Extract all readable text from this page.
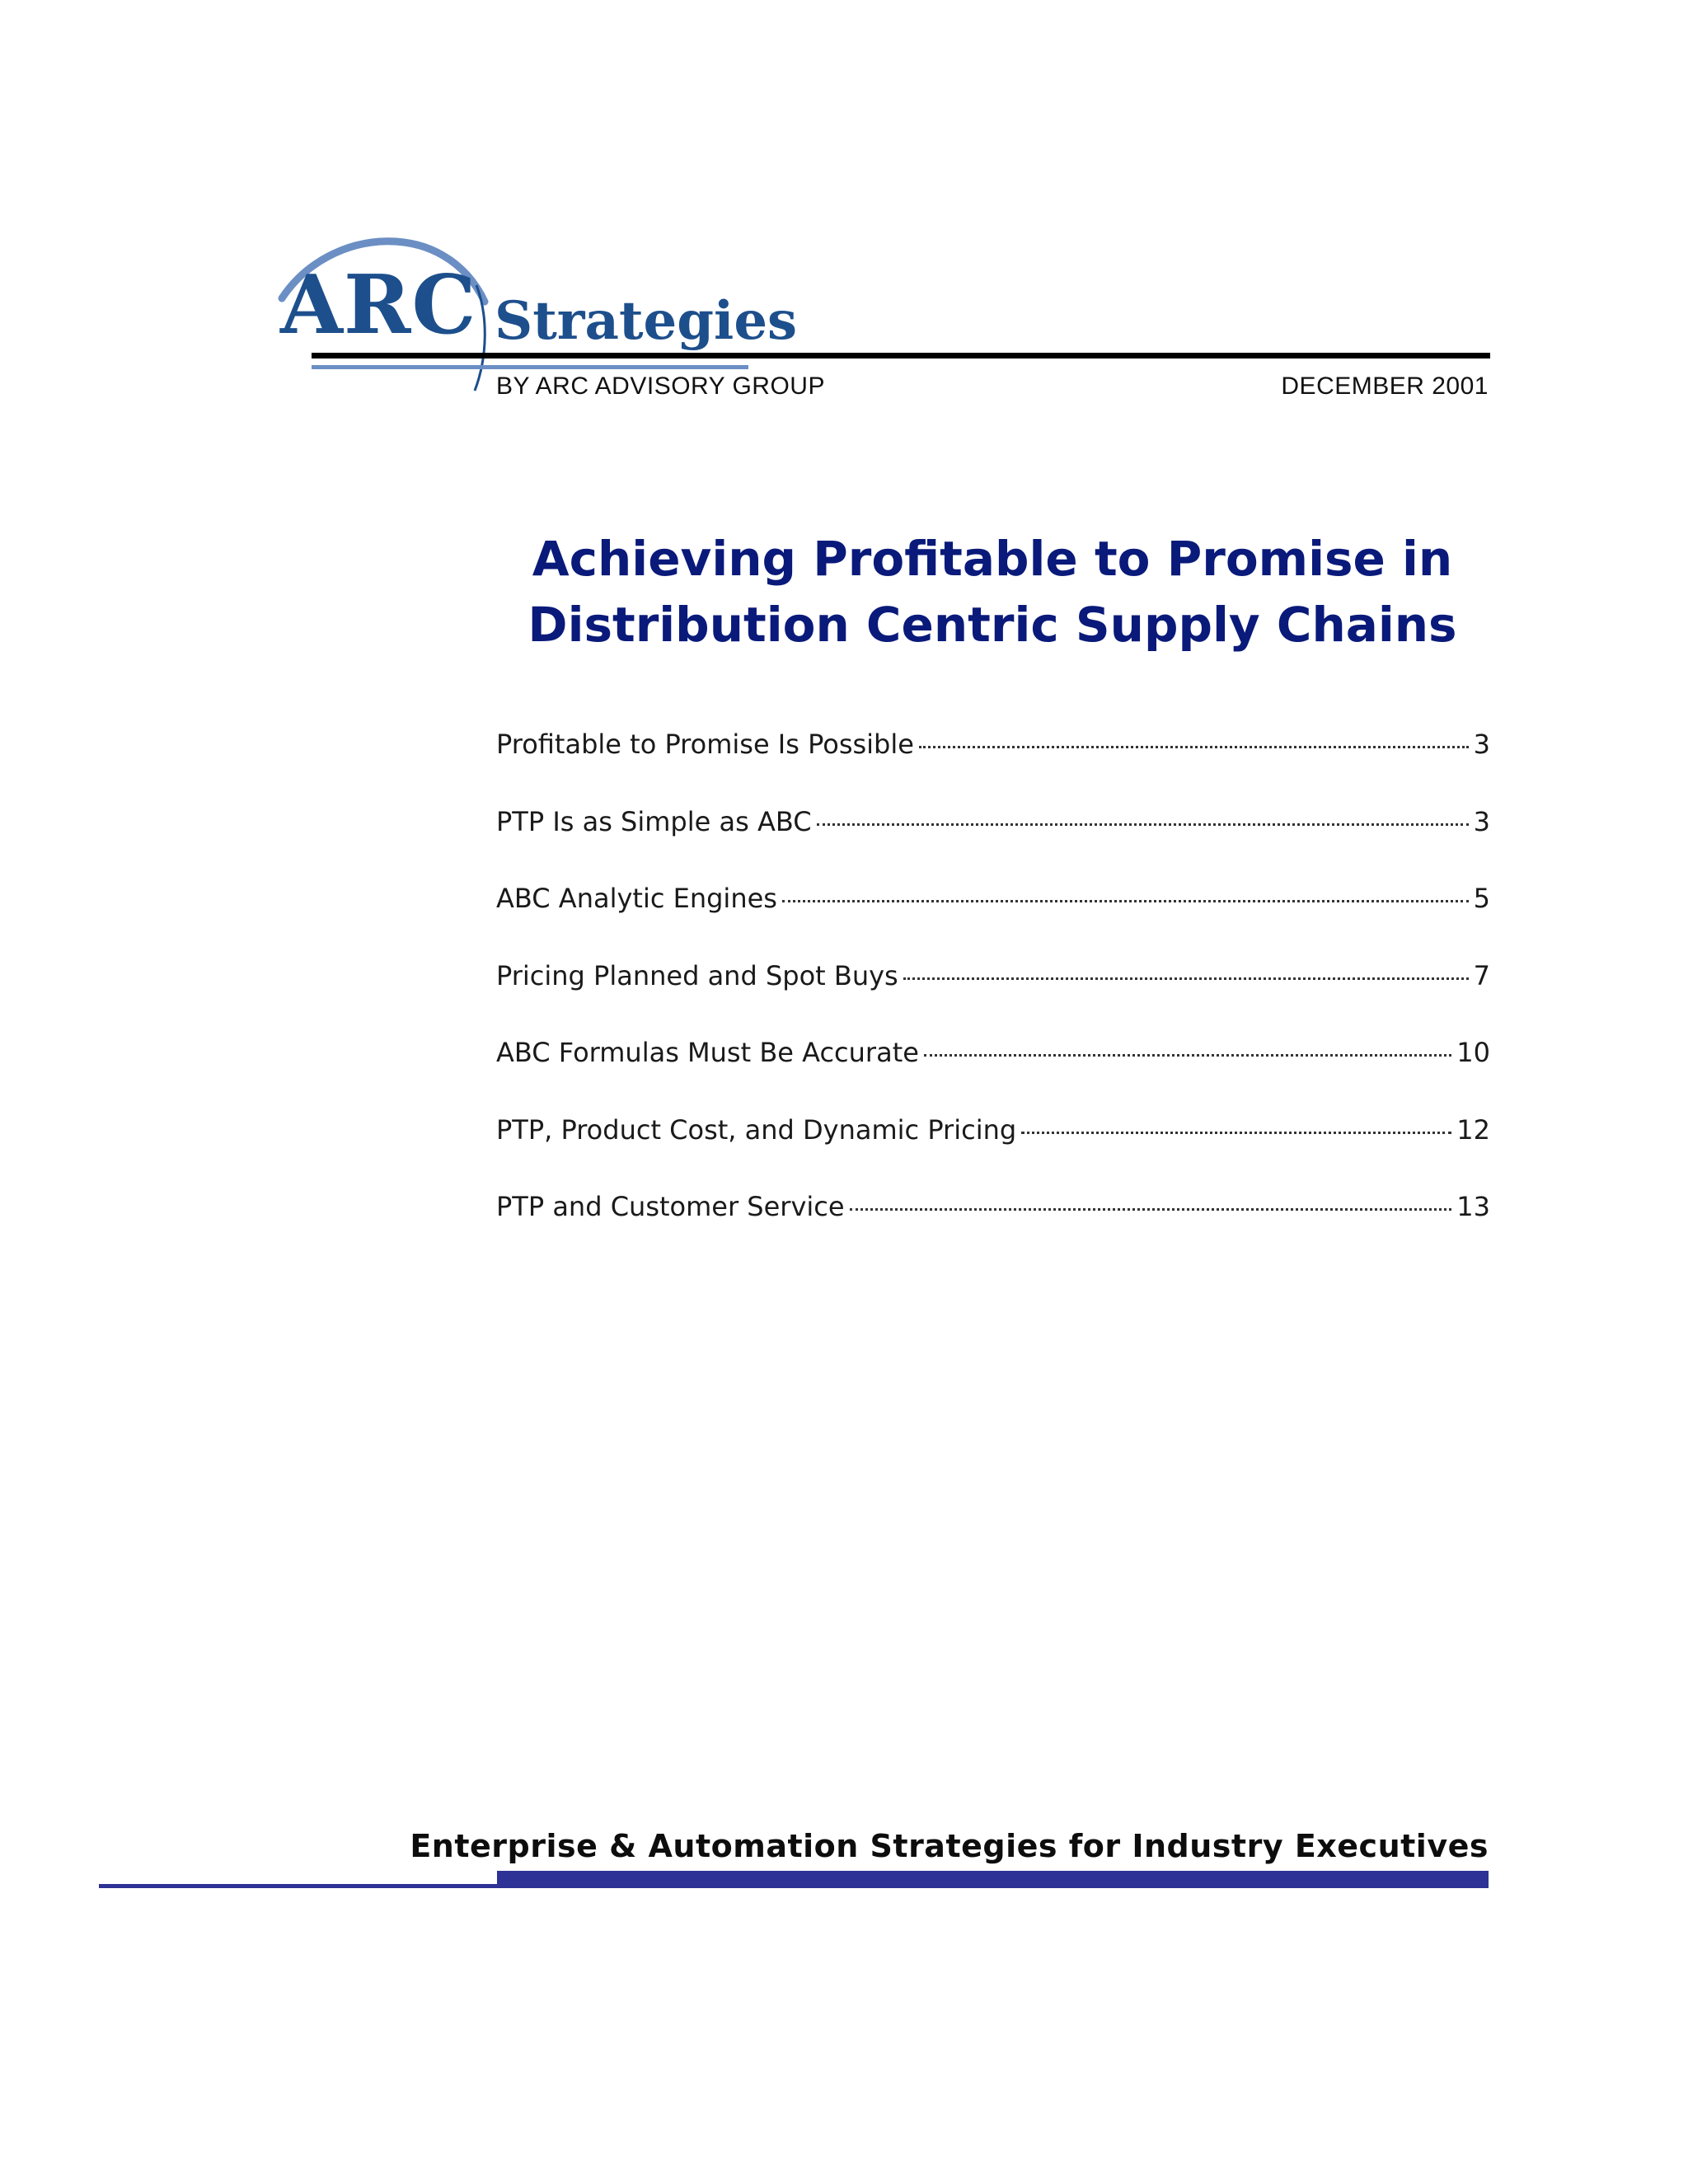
ARC Strategies
BY ARC ADVISORY GROUP	DECEMBER 2001
Achieving Profitable to Promise in
Distribution Centric Supply Chains
Profitable to Promise Is Possible	3
PTP Is as Simple as ABC	3
ABC Analytic Engines	5
Pricing Planned and Spot Buys	7
ABC Formulas Must Be Accurate	10
PTP, Product Cost, and Dynamic Pricing	12
PTP and Customer Service	13
Enterprise & Automation Strategies for Industry Executives
